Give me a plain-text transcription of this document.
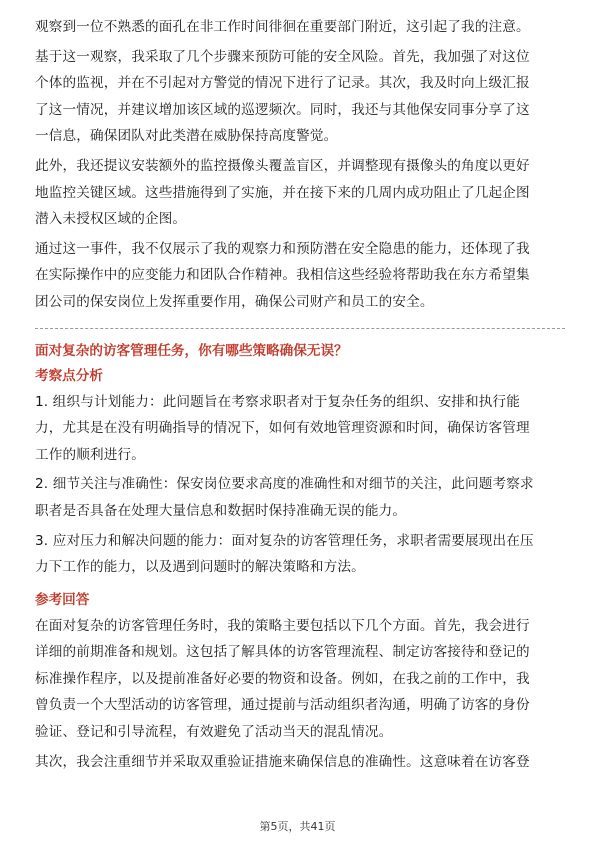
观察到一位不熟悉的面孔在非工作时间徘徊在重要部门附近，这引起了我的注意。

基于这一观察，我采取了几个步骤来预防可能的安全风险。首先，我加强了对这位

个体的监视，并在不引起对方警觉的情况下进行了记录。其次，我及时向上级汇报

了这一情况，并建议增加该区域的巡逻频次。同时，我还与其他保安同事分享了这

一信息，确保团队对此类潜在威胁保持高度警觉。

此外，我还提议安装额外的监控摄像头覆盖盲区，并调整现有摄像头的角度以更好

地监控关键区域。这些措施得到了实施，并在接下来的几周内成功阻止了几起企图

潜入未授权区域的企图。

通过这一事件，我不仅展示了我的观察力和预防潜在安全隐患的能力，还体现了我

在实际操作中的应变能力和团队合作精神。我相信这些经验将帮助我在东方希望集

团公司的保安岗位上发挥重要作用，确保公司财产和员工的安全。

面对复杂的访客管理任务，你有哪些策略确保无误？

考察点分析

1. 组织与计划能力：此问题旨在考察求职者对于复杂任务的组织、安排和执行能

力，尤其是在没有明确指导的情况下，如何有效地管理资源和时间，确保访客管理

工作的顺利进行。

2. 细节关注与准确性：保安岗位要求高度的准确性和对细节的关注，此问题考察求

职者是否具备在处理大量信息和数据时保持准确无误的能力。

3. 应对压力和解决问题的能力：面对复杂的访客管理任务，求职者需要展现出在压

力下工作的能力，以及遇到问题时的解决策略和方法。

参考回答

在面对复杂的访客管理任务时，我的策略主要包括以下几个方面。首先，我会进行

详细的前期准备和规划。这包括了解具体的访客管理流程、制定访客接待和登记的

标准操作程序，以及提前准备好必要的物资和设备。例如，在我之前的工作中，我

曾负责一个大型活动的访客管理，通过提前与活动组织者沟通，明确了访客的身份

验证、登记和引导流程，有效避免了活动当天的混乱情况。

其次，我会注重细节并采取双重验证措施来确保信息的准确性。这意味着在访客登

第5页，共41页
